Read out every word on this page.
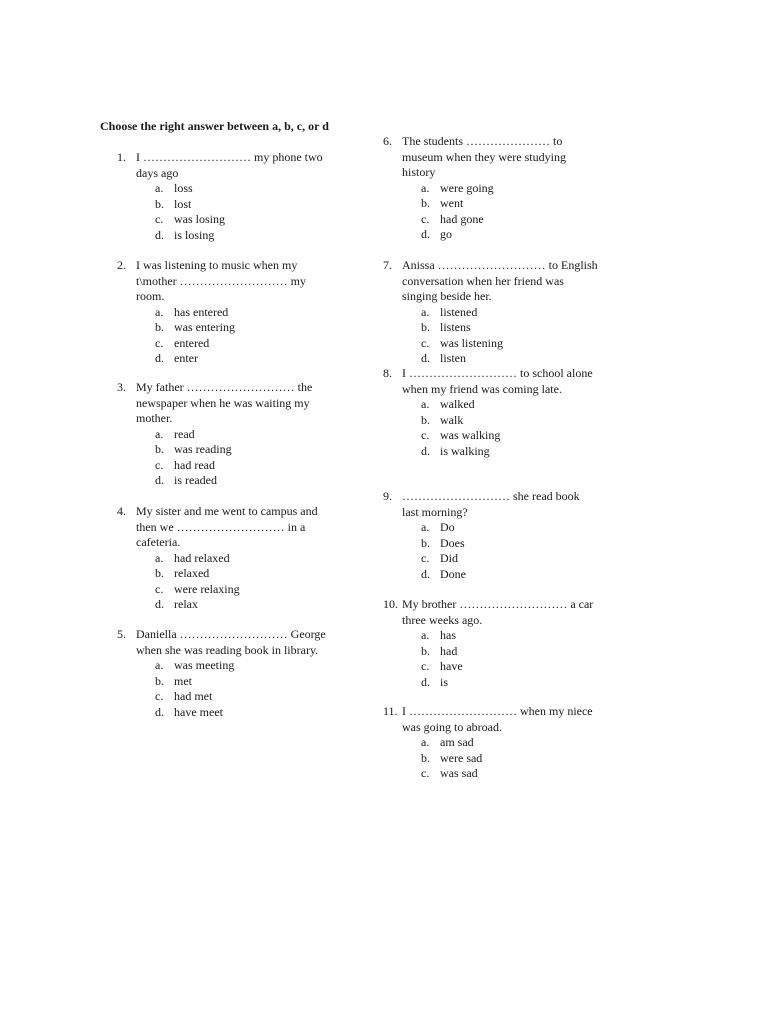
Choose the right answer between a, b, c, or d
1. I ……………………… my phone two days ago
a. loss
b. lost
c. was losing
d. is losing
2. I was listening to music when my t\mother ……………………… my room.
a. has entered
b. was entering
c. entered
d. enter
3. My father ……………………… the newspaper when he was waiting my mother.
a. read
b. was reading
c. had read
d. is readed
4. My sister and me went to campus and then we ……………………… in a cafeteria.
a. had relaxed
b. relaxed
c. were relaxing
d. relax
5. Daniella ……………………… George when she was reading book in library.
a. was meeting
b. met
c. had met
d. have meet
6. The students ………………… to museum when they were studying history
a. were going
b. went
c. had gone
d. go
7. Anissa ……………………… to English conversation when her friend was singing beside her.
a. listened
b. listens
c. was listening
d. listen
8. I ……………………… to school alone when my friend was coming late.
a. walked
b. walk
c. was walking
d. is walking
9. ……………………… she read book last morning?
a. Do
b. Does
c. Did
d. Done
10. My brother ……………………… a car three weeks ago.
a. has
b. had
c. have
d. is
11. I ……………………… when my niece was going to abroad.
a. am sad
b. were sad
c. was sad
